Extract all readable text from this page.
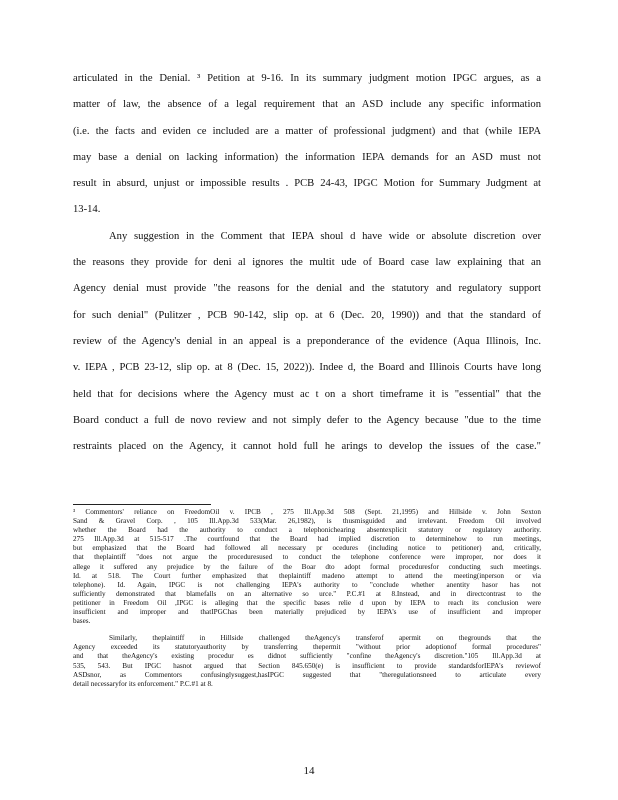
articulated in the Denial. ³ Petition at 9-16. In its summary judgment motion IPGC argues, as a
matter of law, the absence of a legal requirement that an ASD include any specific information
(i.e. the facts and eviden ce included are a matter of professional judgment) and that (while IEPA
may base a denial on lacking information) the information IEPA demands for an ASD must not
result in absurd, unjust or impossible results . PCB 24-43, IPGC Motion for Summary Judgment at
13-14.
Any suggestion in the Comment that IEPA shoul d have wide or absolute discretion over
the reasons they provide for deni al ignores the multit ude of Board case law explaining that an
Agency denial must provide "the reasons for the denial and the statutory and regulatory support
for such denial" (Pulitzer , PCB 90-142, slip op. at 6 (Dec. 20, 1990)) and that the standard of
review of the Agency's denial in an appeal is a preponderance of the evidence (Aqua Illinois, Inc.
v. IEPA , PCB 23-12, slip op. at 8 (Dec. 15, 2022)). Indee d, the Board and Illinois Courts have long
held that for decisions where the Agency must ac t on a short timeframe it is "essential" that the
Board conduct a full de novo review and not simply defer to the Agency because "due to the time
restraints placed on the Agency, it cannot hold full he arings to develop the issues of the case."
³ Commentors' reliance on FreedomOil v. IPCB , 275 Ill.App.3d 508 (Sept. 21,1995) and Hillside v. John Sexton
Sand & Gravel Corp. , 105 Ill.App.3d 533(Mar. 26,1982), is thusmisguided and irrelevant. Freedom Oil involved
whether the Board had the authority to conduct a telephonichearing absentexplicit statutory or regulatory authority.
275 Ill.App.3d at 515-517 .The courtfound that the Board had implied discretion to determinehow to run meetings,
but emphasized that the Board had followed all necessary pr ocedures (including notice to petitioner) and, critically,
that theplaintiff "does not argue the proceduresused to conduct the telephone conference were improper, nor does it
allege it suffered any prejudice by the failure of the Boar dto adopt formal proceduresfor conducting such meetings.
Id. at 518. The Court further emphasized that theplaintiff madeno attempt to attend the meeting(inperson or via
telephone). Id. Again, IPGC is not challenging IEPA's authority to "conclude whether anentity hasor has not
sufficiently demonstrated that blamefalls on an alternative so urce." P.C.#1 at 8.Instead, and in directcontrast to the
petitioner in Freedom Oil ,IPGC is alleging that the specific bases relie d upon by IEPA to reach its conclusion were
insufficient and improper and thatIPGChas been materially prejudiced by IEPA's use of insufficient and improper
bases.
Similarly, theplaintiff in Hillside challenged theAgency's transferof apermit on thegrounds that the
Agency exceeded its statutoryauthority by transferring thepermit "without prior adoptionof formal procedures"
and that theAgency's existing procedur es didnot sufficiently "confine theAgency's discretion."105 Ill.App.3d at
535, 543. But IPGC hasnot argued that Section 845.650(e) is insufficient to provide standardsforIEPA's reviewof
ASDsnor, as Commentors confusinglysuggest,hasIPGC suggested that "theregulationsneed to articulate every
detail necessaryfor its enforcement." P.C.#1 at 8.
14
